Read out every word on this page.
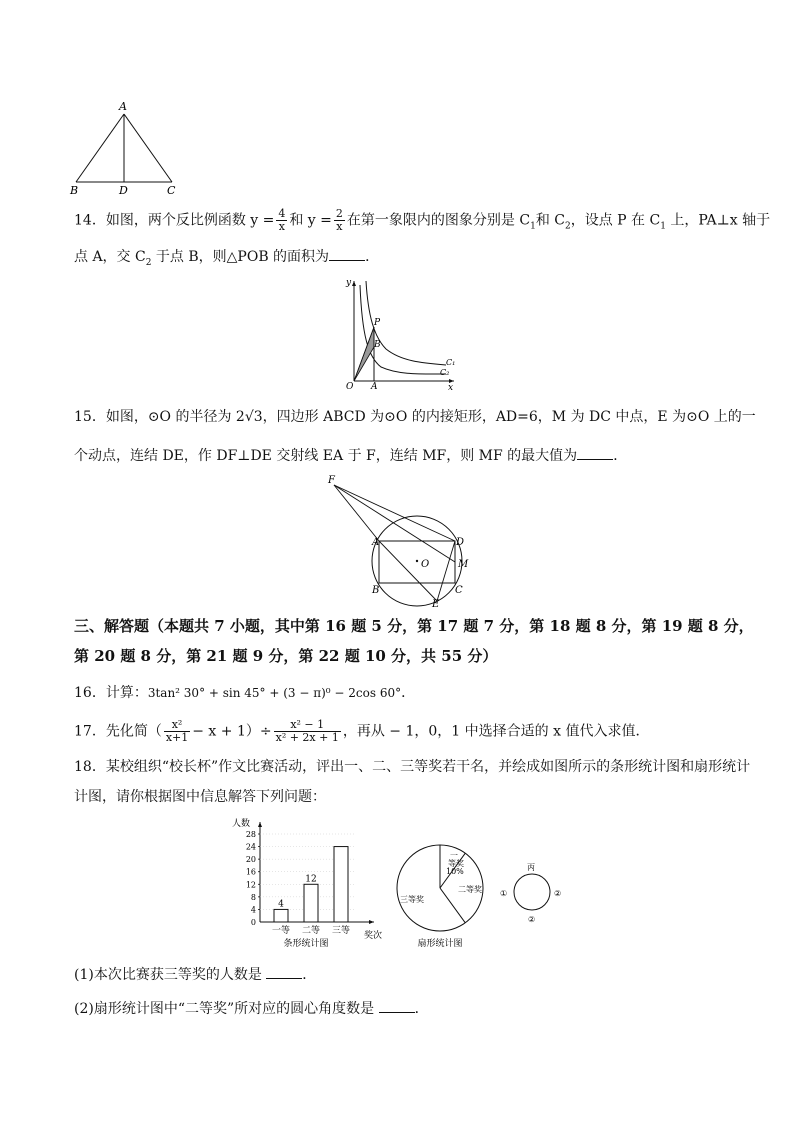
A
B	D	C
14．如图，两个反比例函数 $y = \frac{4}{x}$ 和 $y = \frac{2}{x}$ 在第一象限内的图象分别是 $C_1$和 $C_2$，设点 P 在 $C_1$ 上，PA⊥x 轴于
点 A，交 $C_2$ 于点 B，则△POB 的面积为	．
y
x
O A
P
B
C₁
C₂
15．如图，⊙O 的半径为 2√3，四边形 ABCD 为⊙O 的内接矩形，AD=6，M 为 DC 中点，E 为⊙O 上的一
个动点，连结 DE，作 DF⊥DE 交射线 EA 于 F，连结 MF，则 MF 的最大值为	．
F
A	D
O	M
B	C
E
三、解答题（本题共 7 小题，其中第 16 题 5 分，第 17 题 7 分，第 18 题 8 分，第 19 题 8 分，
第 20 题 8 分，第 21 题 9 分，第 22 题 10 分，共 55 分）
16．计算：3tan² 30° + sin 45° + (3 − π)⁰ − 2cos 60°．
17．先化简（ $\frac{\text{x²}}{x+1} - x + 1)\div \frac{\text{x² − 1}}{\text{x² + 2x + 1}}$ ，再从 − 1，0，1 中选择合适的 x 值代入求值．
18．某校组织“校长杯”作文比赛活动，评出一、二、三等奖若干名，并绘成如图所示的条形统计图和扇形统计
计图，请你根据图中信息解答下列问题：
0
4
8
12
16
20
24
28
人数
奖次
一等
4
二等
12
三等
条形统计图
一
等奖
10%
二等奖
三等奖
扇形统计图
丙
①	②
②
(1)本次比赛获三等奖的人数是	．
(2)扇形统计图中“二等奖”所对应的圆心角度数是	．
